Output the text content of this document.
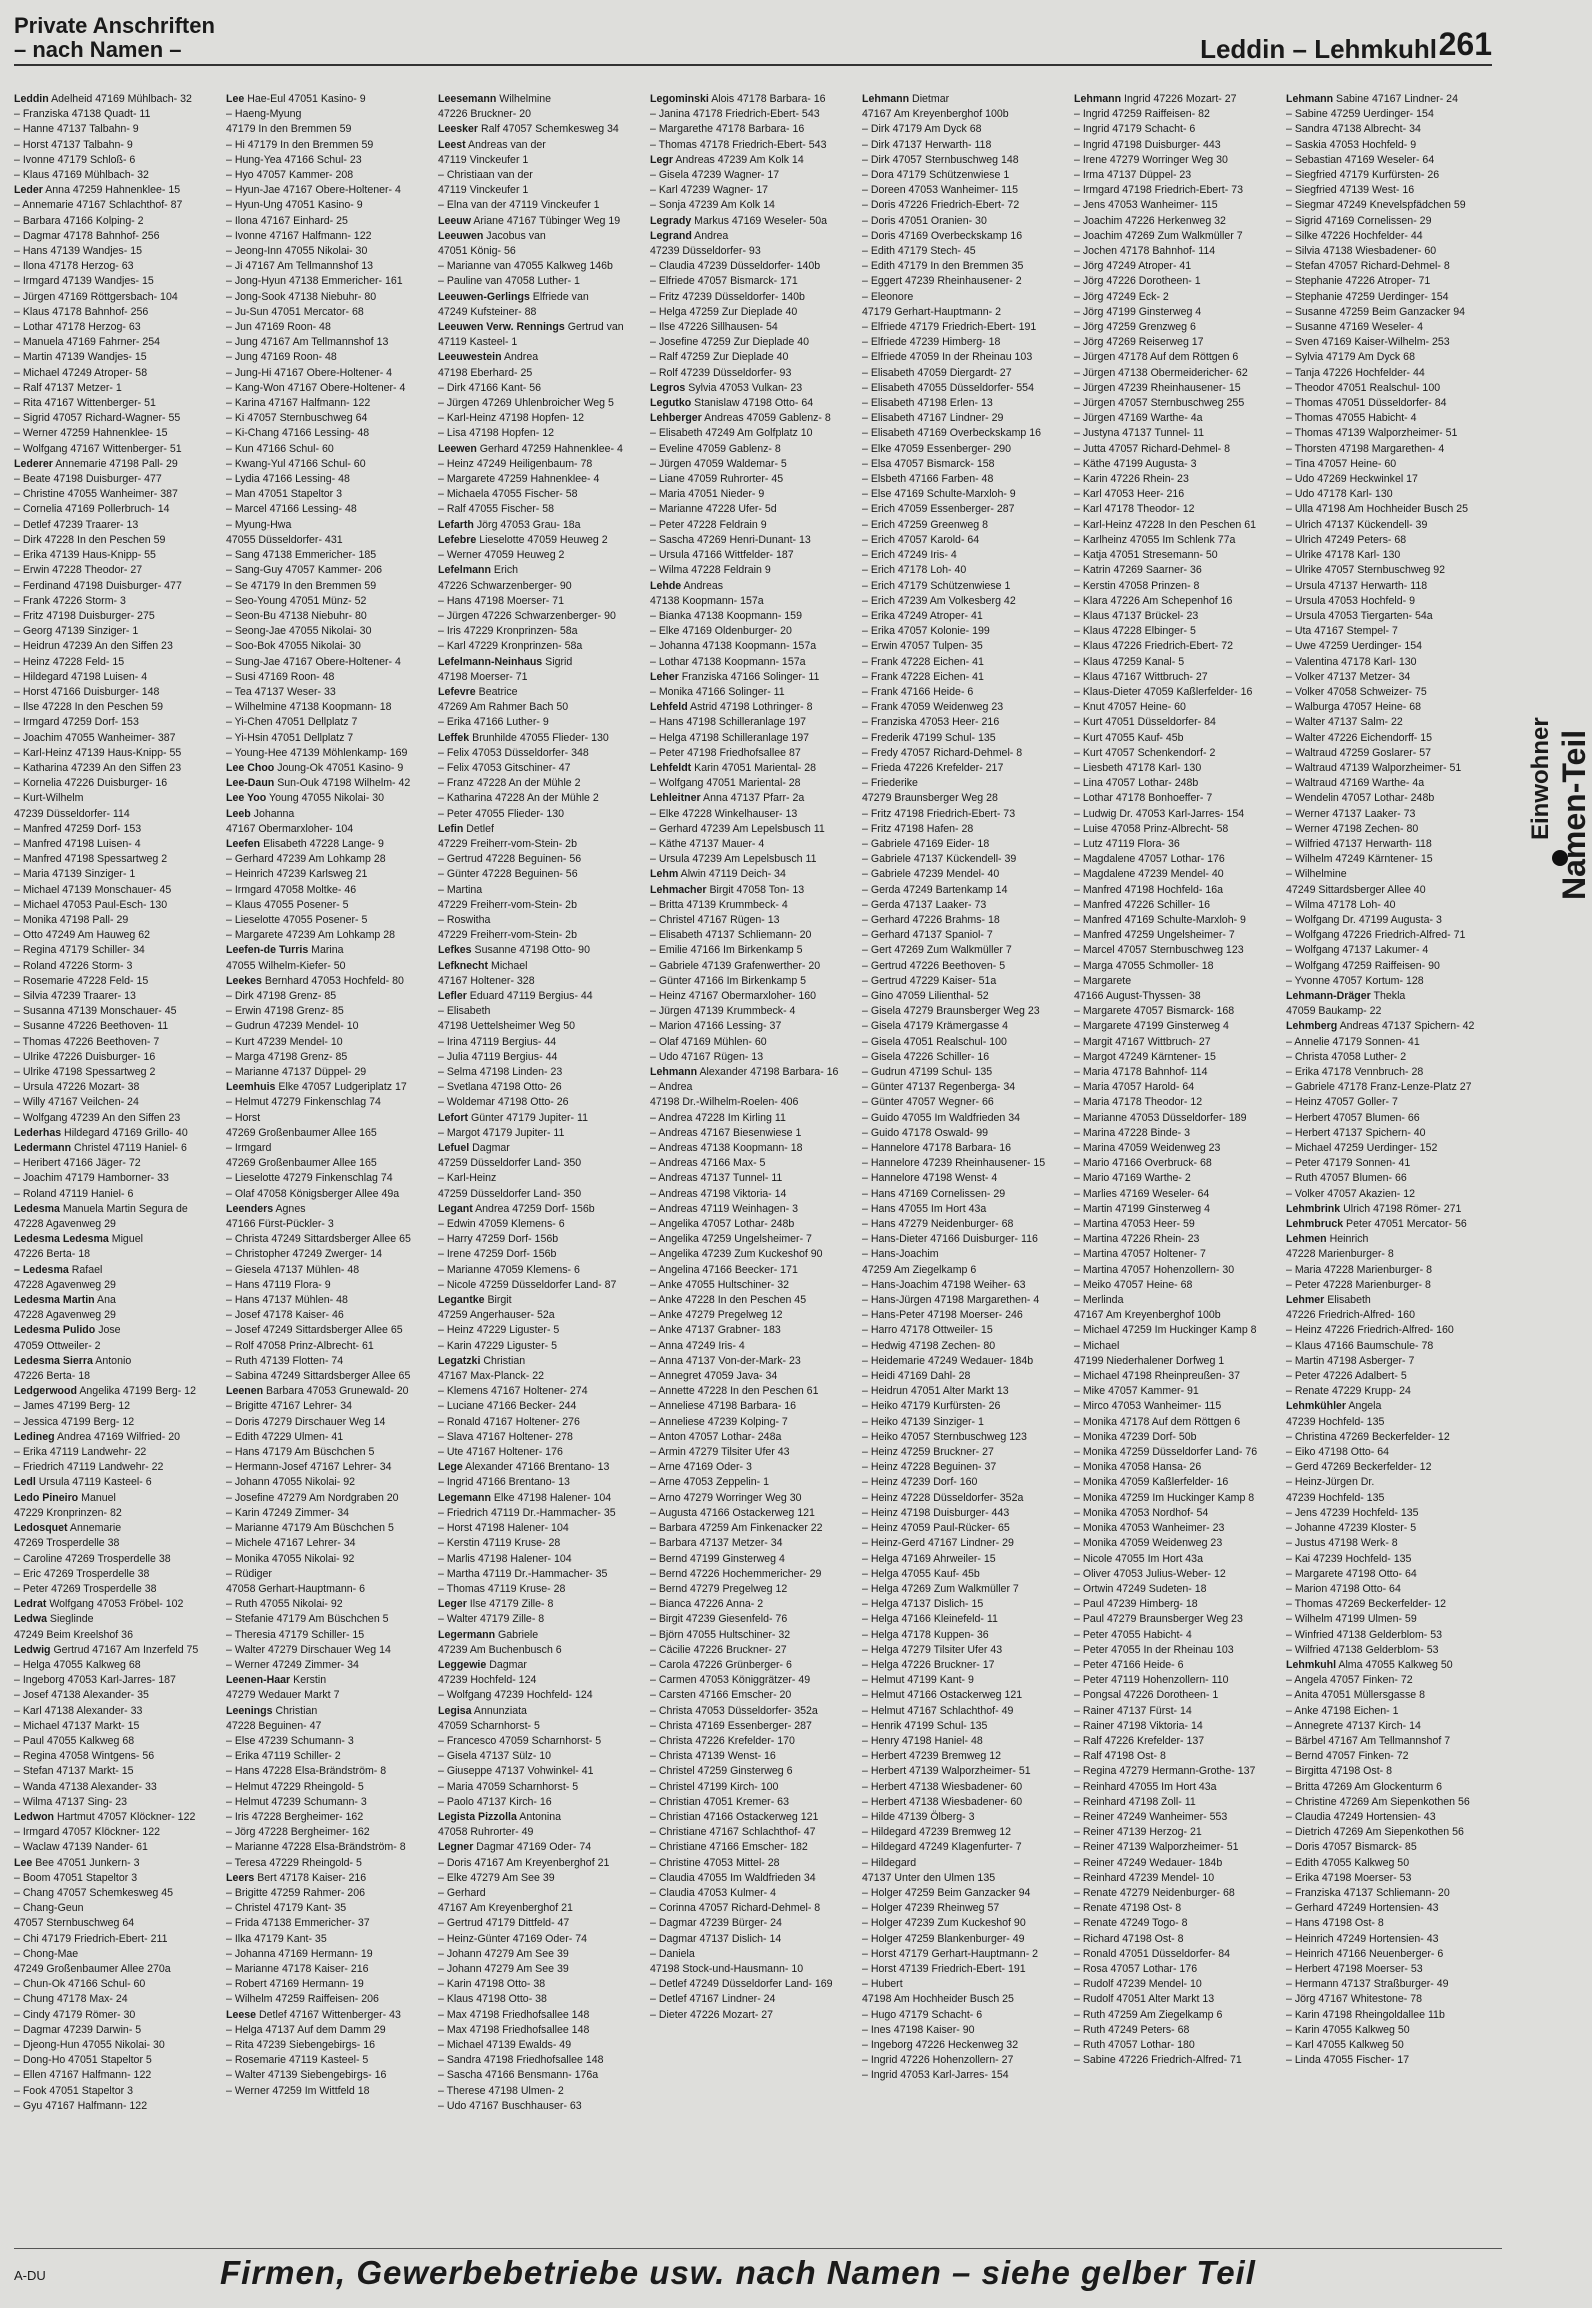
Private Anschriften
– nach Namen –	Leddin – Lehmkuhl 261
Leddin Adelheid 47169 Mühlbach- 32
– Franziska 47138 Quadt- 11
– Hanne 47137 Talbahn- 9
– Horst 47137 Talbahn- 9
– Ivonne 47179 Schloß- 6
– Klaus 47169 Mühlbach- 32
Leder Anna 47259 Hahnenklee- 15
– Annemarie 47167 Schlachthof- 87
– Barbara 47166 Kolping- 2
– Dagmar 47178 Bahnhof- 256
– Hans 47139 Wandjes- 15
– Ilona 47178 Herzog- 63
– Irmgard 47139 Wandjes- 15
– Jürgen 47169 Röttgersbach- 104
– Klaus 47178 Bahnhof- 256
– Lothar 47178 Herzog- 63
– Manuela 47169 Fahrner- 254
– Martin 47139 Wandjes- 15
– Michael 47249 Atroper- 58
– Ralf 47137 Metzer- 1
– Rita 47167 Wittenberger- 51
– Sigrid 47057 Richard-Wagner- 55
– Werner 47259 Hahnenklee- 15
– Wolfgang 47167 Wittenberger- 51
Lederer Annemarie 47198 Pall- 29
– Beate 47198 Duisburger- 477
– Christine 47055 Wanheimer- 387
– Cornelia 47169 Pollerbruch- 14
– Detlef 47239 Traarer- 13
– Dirk 47228 In den Peschen 59
– Erika 47139 Haus-Knipp- 55
– Erwin 47228 Theodor- 27
– Ferdinand 47198 Duisburger- 477
– Frank 47226 Storm- 3
– Fritz 47198 Duisburger- 275
– Georg 47139 Sinziger- 1
– Heidrun 47239 An den Siffen 23
– Heinz 47228 Feld- 15
– Hildegard 47198 Luisen- 4
– Horst 47166 Duisburger- 148
– Ilse 47228 In den Peschen 59
– Irmgard 47259 Dorf- 153
– Joachim 47055 Wanheimer- 387
– Karl-Heinz 47139 Haus-Knipp- 55
– Katharina 47239 An den Siffen 23
– Kornelia 47226 Duisburger- 16
– Kurt-Wilhelm
47239 Düsseldorfer- 114
– Manfred 47259 Dorf- 153
– Manfred 47198 Luisen- 4
– Manfred 47198 Spessartweg 2
– Maria 47139 Sinziger- 1
– Michael 47139 Monschauer- 45
– Michael 47053 Paul-Esch- 130
– Monika 47198 Pall- 29
– Otto 47249 Am Hauweg 62
– Regina 47179 Schiller- 34
– Roland 47226 Storm- 3
– Rosemarie 47228 Feld- 15
– Silvia 47239 Traarer- 13
– Susanna 47139 Monschauer- 45
– Susanne 47226 Beethoven- 11
– Thomas 47226 Beethoven- 7
– Ulrike 47226 Duisburger- 16
– Ulrike 47198 Spessartweg 2
– Ursula 47226 Mozart- 38
– Willy 47167 Veilchen- 24
– Wolfgang 47239 An den Siffen 23
Lederhas Hildegard 47169 Grillo- 40
Ledermann Christel 47119 Haniel- 6
– Heribert 47166 Jäger- 72
– Joachim 47179 Hamborner- 33
– Roland 47119 Haniel- 6
Ledesma Manuela Martin Segura de
47228 Agavenweg 29
Ledesma Ledesma Miguel
47226 Berta- 18
– Ledesma Rafael
47228 Agavenweg 29
Ledesma Martin Ana
47228 Agavenweg 29
Ledesma Pulido Jose
47059 Ottweiler- 2
Ledesma Sierra Antonio
47226 Berta- 18
Ledgerwood Angelika 47199 Berg- 12
– James 47199 Berg- 12
– Jessica 47199 Berg- 12
Ledineg Andrea 47169 Wilfried- 20
– Erika 47119 Landwehr- 22
– Friedrich 47119 Landwehr- 22
Ledl Ursula 47119 Kasteel- 6
Ledo Pineiro Manuel
47229 Kronprinzen- 82
Ledosquet Annemarie
47269 Trosperdelle 38
– Caroline 47269 Trosperdelle 38
– Eric 47269 Trosperdelle 38
– Peter 47269 Trosperdelle 38
Ledrat Wolfgang 47053 Fröbel- 102
Ledwa Sieglinde
47249 Beim Kreelshof 36
Ledwig Gertrud 47167 Am Inzerfeld 75
– Helga 47055 Kalkweg 68
– Ingeborg 47053 Karl-Jarres- 187
– Josef 47138 Alexander- 35
– Karl 47138 Alexander- 33
– Michael 47137 Markt- 15
– Paul 47055 Kalkweg 68
– Regina 47058 Wintgens- 56
– Stefan 47137 Markt- 15
– Wanda 47138 Alexander- 33
– Wilma 47137 Sing- 23
Ledwon Hartmut 47057 Klöckner- 122
– Irmgard 47057 Klöckner- 122
– Waclaw 47139 Nander- 61
Lee Bee 47051 Junkern- 3
– Boom 47051 Stapeltor 3
– Chang 47057 Schemkesweg 45
– Chang-Geun
47057 Sternbuschweg 64
– Chi 47179 Friedrich-Ebert- 211
– Chong-Mae
47249 Großenbaumer Allee 270a
– Chun-Ok 47166 Schul- 60
– Chung 47178 Max- 24
– Cindy 47179 Römer- 30
– Dagmar 47239 Darwin- 5
– Djeong-Hun 47055 Nikolai- 30
– Dong-Ho 47051 Stapeltor 5
– Ellen 47167 Halfmann- 122
– Fook 47051 Stapeltor 3
– Gyu 47167 Halfmann- 122
Lee Hae-Eul 47051 Kasino- 9
– Haeng-Myung
47179 In den Bremmen 59
– Hi 47179 In den Bremmen 59
– Hung-Yea 47166 Schul- 23
– Hyo 47057 Kammer- 208
– Hyun-Jae 47167 Obere-Holtener- 4
– Hyun-Ung 47051 Kasino- 9
– Ilona 47167 Einhard- 25
– Ivonne 47167 Halfmann- 122
– Jeong-Inn 47055 Nikolai- 30
– Ji 47167 Am Tellmannshof 13
– Jong-Hyun 47138 Emmericher- 161
– Jong-Sook 47138 Niebuhr- 80
– Ju-Sun 47051 Mercator- 68
– Jun 47169 Roon- 48
– Jung 47167 Am Tellmannshof 13
– Jung 47169 Roon- 48
– Jung-Hi 47167 Obere-Holtener- 4
– Kang-Won 47167 Obere-Holtener- 4
– Karina 47167 Halfmann- 122
– Ki 47057 Sternbuschweg 64
– Ki-Chang 47166 Lessing- 48
– Kun 47166 Schul- 60
– Kwang-Yul 47166 Schul- 60
– Lydia 47166 Lessing- 48
– Man 47051 Stapeltor 3
– Marcel 47166 Lessing- 48
– Myung-Hwa
47055 Düsseldorfer- 431
– Sang 47138 Emmericher- 185
– Sang-Guy 47057 Kammer- 206
– Se 47179 In den Bremmen 59
– Seo-Young 47051 Münz- 52
– Seon-Bu 47138 Niebuhr- 80
– Seong-Jae 47055 Nikolai- 30
– Soo-Bok 47055 Nikolai- 30
– Sung-Jae 47167 Obere-Holtener- 4
– Susi 47169 Roon- 48
– Tea 47137 Weser- 33
– Wilhelmine 47138 Koopmann- 18
– Yi-Chen 47051 Dellplatz 7
– Yi-Hsin 47051 Dellplatz 7
– Young-Hee 47139 Möhlenkamp- 169
Lee Choo Joung-Ok 47051 Kasino- 9
Lee-Daun Sun-Ouk 47198 Wilhelm- 42
Lee Yoo Young 47055 Nikolai- 30
Leeb Johanna
47167 Obermarxloher- 104
Leefen Elisabeth 47228 Lange- 9
– Gerhard 47239 Am Lohkamp 28
– Heinrich 47239 Karlsweg 21
– Irmgard 47058 Moltke- 46
– Klaus 47055 Posener- 5
– Lieselotte 47055 Posener- 5
– Margarete 47239 Am Lohkamp 28
Leefen-de Turris Marina
47055 Wilhelm-Kiefer- 50
Leekes Bernhard 47053 Hochfeld- 80
– Dirk 47198 Grenz- 85
– Erwin 47198 Grenz- 85
– Gudrun 47239 Mendel- 10
– Kurt 47239 Mendel- 10
– Marga 47198 Grenz- 85
– Marianne 47137 Düppel- 29
Leemhuis Elke 47057 Ludgeriplatz 17
– Helmut 47279 Finkenschlag 74
– Horst
47269 Großenbaumer Allee 165
– Irmgard
47269 Großenbaumer Allee 165
– Lieselotte 47279 Finkenschlag 74
– Olaf 47058 Königsberger Allee 49a
Leenders Agnes
47166 Fürst-Pückler- 3
– Christa 47249 Sittardsberger Allee 65
– Christopher 47249 Zwerger- 14
– Giesela 47137 Mühlen- 48
– Hans 47119 Flora- 9
– Hans 47137 Mühlen- 48
– Josef 47178 Kaiser- 46
– Josef 47249 Sittardsberger Allee 65
– Rolf 47058 Prinz-Albrecht- 61
– Ruth 47139 Flotten- 74
– Sabina 47249 Sittardsberger Allee 65
Leenen Barbara 47053 Grunewald- 20
– Brigitte 47167 Lehrer- 34
– Doris 47279 Dirschauer Weg 14
– Edith 47229 Ulmen- 41
– Hans 47179 Am Büschchen 5
– Hermann-Josef 47167 Lehrer- 34
– Johann 47055 Nikolai- 92
– Josefine 47279 Am Nordgraben 20
– Karin 47249 Zimmer- 34
– Marianne 47179 Am Büschchen 5
– Michele 47167 Lehrer- 34
– Monika 47055 Nikolai- 92
– Rüdiger
47058 Gerhart-Hauptmann- 6
– Ruth 47055 Nikolai- 92
– Stefanie 47179 Am Büschchen 5
– Theresia 47179 Schiller- 15
– Walter 47279 Dirschauer Weg 14
– Werner 47249 Zimmer- 34
Leenen-Haar Kerstin
47279 Wedauer Markt 7
Leenings Christian
47228 Beguinen- 47
– Else 47239 Schumann- 3
– Erika 47119 Schiller- 2
– Hans 47228 Elsa-Brändström- 8
– Helmut 47229 Rheingold- 5
– Helmut 47239 Schumann- 3
– Iris 47228 Bergheimer- 162
– Jörg 47228 Bergheimer- 162
– Marianne 47228 Elsa-Brändström- 8
– Teresa 47229 Rheingold- 5
Leers Bert 47178 Kaiser- 216
– Brigitte 47259 Rahmer- 206
– Christel 47179 Kant- 35
– Frida 47138 Emmericher- 37
– Ilka 47179 Kant- 35
– Johanna 47169 Hermann- 19
– Marianne 47178 Kaiser- 216
– Robert 47169 Hermann- 19
– Wilhelm 47259 Raiffeisen- 206
Leese Detlef 47167 Wittenberger- 43
– Helga 47137 Auf dem Damm 29
– Rita 47239 Siebengebirgs- 16
– Rosemarie 47119 Kasteel- 5
– Walter 47139 Siebengebirgs- 16
– Werner 47259 Im Wittfeld 18
Leesemann Wilhelmine
47226 Bruckner- 20
Leesker Ralf 47057 Schemkesweg 34
Leest Andreas van der
47119 Vinckeufer 1
– Christiaan van der
47119 Vinckeufer 1
– Elna van der 47119 Vinckeufer 1
Leeuw Ariane 47167 Tübinger Weg 19
Leeuwen Jacobus van
47051 König- 56
– Marianne van 47055 Kalkweg 146b
– Pauline van 47058 Luther- 1
Leeuwen-Gerlings Elfriede van
47249 Kufsteiner- 88
Leeuwen Verw. Rennings Gertrud van
47119 Kasteel- 1
Leeuwestein Andrea
47198 Eberhard- 25
– Dirk 47166 Kant- 56
– Jürgen 47269 Uhlenbroicher Weg 5
– Karl-Heinz 47198 Hopfen- 12
– Lisa 47198 Hopfen- 12
Leewen Gerhard 47259 Hahnenklee- 4
– Heinz 47249 Heiligenbaum- 78
– Margarete 47259 Hahnenklee- 4
– Michaela 47055 Fischer- 58
– Ralf 47055 Fischer- 58
Lefarth Jörg 47053 Grau- 18a
Lefebre Lieselotte 47059 Heuweg 2
– Werner 47059 Heuweg 2
Lefelmann Erich
47226 Schwarzenberger- 90
– Hans 47198 Moerser- 71
– Jürgen 47226 Schwarzenberger- 90
– Iris 47229 Kronprinzen- 58a
– Karl 47229 Kronprinzen- 58a
Lefelmann-Neinhaus Sigrid
47198 Moerser- 71
Lefevre Beatrice
47269 Am Rahmer Bach 50
– Erika 47166 Luther- 9
Leffek Brunhilde 47055 Flieder- 130
– Felix 47053 Düsseldorfer- 348
– Felix 47053 Gitschiner- 47
– Franz 47228 An der Mühle 2
– Katharina 47228 An der Mühle 2
– Peter 47055 Flieder- 130
Lefin Detlef
47229 Freiherr-vom-Stein- 2b
– Gertrud 47228 Beguinen- 56
– Günter 47228 Beguinen- 56
– Martina
47229 Freiherr-vom-Stein- 2b
– Roswitha
47229 Freiherr-vom-Stein- 2b
Lefkes Susanne 47198 Otto- 90
Lefknecht Michael
47167 Holtener- 328
Lefler Eduard 47119 Bergius- 44
– Elisabeth
47198 Uettelsheimer Weg 50
– Irina 47119 Bergius- 44
– Julia 47119 Bergius- 44
– Selma 47198 Linden- 23
– Svetlana 47198 Otto- 26
– Woldemar 47198 Otto- 26
Lefort Günter 47179 Jupiter- 11
– Margot 47179 Jupiter- 11
Lefuel Dagmar
47259 Düsseldorfer Land- 350
– Karl-Heinz
47259 Düsseldorfer Land- 350
Legant Andrea 47259 Dorf- 156b
– Edwin 47059 Klemens- 6
– Harry 47259 Dorf- 156b
– Irene 47259 Dorf- 156b
– Marianne 47059 Klemens- 6
– Nicole 47259 Düsseldorfer Land- 87
Legantke Birgit
47259 Angerhauser- 52a
– Heinz 47229 Liguster- 5
– Karin 47229 Liguster- 5
Legatzki Christian
47167 Max-Planck- 22
– Klemens 47167 Holtener- 274
– Luciane 47166 Becker- 244
– Ronald 47167 Holtener- 276
– Slava 47167 Holtener- 278
– Ute 47167 Holtener- 176
Lege Alexander 47166 Brentano- 13
– Ingrid 47166 Brentano- 13
Legemann Elke 47198 Halener- 104
– Friedrich 47119 Dr.-Hammacher- 35
– Horst 47198 Halener- 104
– Kerstin 47119 Kruse- 28
– Marlis 47198 Halener- 104
– Martha 47119 Dr.-Hammacher- 35
– Thomas 47119 Kruse- 28
Leger Ilse 47179 Zille- 8
– Walter 47179 Zille- 8
Legermann Gabriele
47239 Am Buchenbusch 6
Leggewie Dagmar
47239 Hochfeld- 124
– Wolfgang 47239 Hochfeld- 124
Legisa Annunziata
47059 Scharnhorst- 5
– Francesco 47059 Scharnhorst- 5
– Gisela 47137 Sülz- 10
– Giuseppe 47137 Vohwinkel- 41
– Maria 47059 Scharnhorst- 5
– Paolo 47137 Kirch- 16
Legista Pizzolla Antonina
47058 Ruhrorter- 49
Legner Dagmar 47169 Oder- 74
– Doris 47167 Am Kreyenberghof 21
– Elke 47279 Am See 39
– Gerhard
47167 Am Kreyenberghof 21
– Gertrud 47179 Dittfeld- 47
– Heinz-Günter 47169 Oder- 74
– Johann 47279 Am See 39
– Johann 47279 Am See 39
– Karin 47198 Otto- 38
– Klaus 47198 Otto- 38
– Max 47198 Friedhofsallee 148
– Max 47198 Friedhofsallee 148
– Michael 47139 Ewalds- 49
– Sandra 47198 Friedhofsallee 148
– Sascha 47166 Bensmann- 176a
– Therese 47198 Ulmen- 2
– Udo 47167 Buschhauser- 63
Legominski Alois 47178 Barbara- 16
– Janina 47178 Friedrich-Ebert- 543
– Margarethe 47178 Barbara- 16
– Thomas 47178 Friedrich-Ebert- 543
Legr Andreas 47239 Am Kolk 14
– Gisela 47239 Wagner- 17
– Karl 47239 Wagner- 17
– Sonja 47239 Am Kolk 14
Legrady Markus 47169 Weseler- 50a
Legrand Andrea
47239 Düsseldorfer- 93
– Claudia 47239 Düsseldorfer- 140b
– Elfriede 47057 Bismarck- 171
– Fritz 47239 Düsseldorfer- 140b
– Helga 47259 Zur Dieplade 40
– Ilse 47226 Sillhausen- 54
– Josefine 47259 Zur Dieplade 40
– Ralf 47259 Zur Dieplade 40
– Rolf 47239 Düsseldorfer- 93
Legros Sylvia 47053 Vulkan- 23
Legutko Stanislaw 47198 Otto- 64
Lehberger Andreas 47059 Gablenz- 8
– Elisabeth 47249 Am Golfplatz 10
– Eveline 47059 Gablenz- 8
– Jürgen 47059 Waldemar- 5
– Liane 47059 Ruhrorter- 45
– Maria 47051 Nieder- 9
– Marianne 47228 Ufer- 5d
– Peter 47228 Feldrain 9
– Sascha 47269 Henri-Dunant- 13
– Ursula 47166 Wittfelder- 187
– Wilma 47228 Feldrain 9
Lehde Andreas
47138 Koopmann- 157a
– Bianka 47138 Koopmann- 159
– Elke 47169 Oldenburger- 20
– Johanna 47138 Koopmann- 157a
– Lothar 47138 Koopmann- 157a
Leher Franziska 47166 Solinger- 11
– Monika 47166 Solinger- 11
Lehfeld Astrid 47198 Lothringer- 8
– Hans 47198 Schilleranlage 197
– Helga 47198 Schilleranlage 197
– Peter 47198 Friedhofsallee 87
Lehfeldt Karin 47051 Mariental- 28
– Wolfgang 47051 Mariental- 28
Lehleitner Anna 47137 Pfarr- 2a
– Elke 47228 Winkelhauser- 13
– Gerhard 47239 Am Lepelsbusch 11
– Käthe 47137 Mauer- 4
– Ursula 47239 Am Lepelsbusch 11
Lehm Alwin 47119 Deich- 34
Lehmacher Birgit 47058 Ton- 13
– Britta 47139 Krummbeck- 4
– Christel 47167 Rügen- 13
– Elisabeth 47137 Schliemann- 20
– Emilie 47166 Im Birkenkamp 5
– Gabriele 47139 Grafenwerther- 20
– Günter 47166 Im Birkenkamp 5
– Heinz 47167 Obermarxloher- 160
– Jürgen 47139 Krummbeck- 4
– Marion 47166 Lessing- 37
– Olaf 47169 Mühlen- 60
– Udo 47167 Rügen- 13
Lehmann Alexander 47198 Barbara- 16
– Andrea
47198 Dr.-Wilhelm-Roelen- 406
– Andrea 47228 Im Kirling 11
– Andreas 47167 Biesenwiese 1
– Andreas 47138 Koopmann- 18
– Andreas 47166 Max- 5
– Andreas 47137 Tunnel- 11
– Andreas 47198 Viktoria- 14
– Andreas 47119 Weinhagen- 3
– Angelika 47057 Lothar- 248b
– Angelika 47259 Ungelsheimer- 7
– Angelika 47239 Zum Kuckeshof 90
– Angelina 47166 Beecker- 171
– Anke 47055 Hultschiner- 32
– Anke 47228 In den Peschen 45
– Anke 47279 Pregelweg 12
– Anke 47137 Grabner- 183
– Anna 47249 Iris- 4
– Anna 47137 Von-der-Mark- 23
– Annegret 47059 Java- 34
– Annette 47228 In den Peschen 61
– Anneliese 47198 Barbara- 16
– Anneliese 47239 Kolping- 7
– Anton 47057 Lothar- 248a
– Armin 47279 Tilsiter Ufer 43
– Arne 47169 Oder- 3
– Arne 47053 Zeppelin- 1
– Arno 47279 Worringer Weg 30
– Augusta 47166 Ostackerweg 121
– Barbara 47259 Am Finkenacker 22
– Barbara 47137 Metzer- 34
– Bernd 47199 Ginsterweg 4
– Bernd 47226 Hochemmericher- 29
– Bernd 47279 Pregelweg 12
– Bianca 47226 Anna- 2
– Birgit 47239 Giesenfeld- 76
– Björn 47055 Hultschiner- 32
– Cäcilie 47226 Bruckner- 27
– Carola 47226 Grünberger- 6
– Carmen 47053 Königgrätzer- 49
– Carsten 47166 Emscher- 20
– Christa 47053 Düsseldorfer- 352a
– Christa 47169 Essenberger- 287
– Christa 47226 Krefelder- 170
– Christa 47139 Wenst- 16
– Christel 47259 Ginsterweg 6
– Christel 47199 Kirch- 100
– Christian 47051 Kremer- 63
– Christian 47166 Ostackerweg 121
– Christiane 47167 Schlachthof- 47
– Christiane 47166 Emscher- 182
– Christine 47053 Mittel- 28
– Claudia 47055 Im Waldfrieden 34
– Claudia 47053 Kulmer- 4
– Corinna 47057 Richard-Dehmel- 8
– Dagmar 47239 Bürger- 24
– Dagmar 47137 Dislich- 14
– Daniela
47198 Stock-und-Hausmann- 10
– Detlef 47249 Düsseldorfer Land- 169
– Detlef 47167 Lindner- 24
– Dieter 47226 Mozart- 27
Lehmann Dietmar
47167 Am Kreyenberghof 100b
– Dirk 47179 Am Dyck 68
– Dirk 47137 Herwarth- 118
– Dirk 47057 Sternbuschweg 148
– Dora 47179 Schützenwiese 1
– Doreen 47053 Wanheimer- 115
– Doris 47226 Friedrich-Ebert- 72
– Doris 47051 Oranien- 30
– Doris 47169 Overbeckskamp 16
– Edith 47179 Stech- 45
– Edith 47179 In den Bremmen 35
– Eggert 47239 Rheinhausener- 2
– Eleonore
47179 Gerhart-Hauptmann- 2
– Elfriede 47179 Friedrich-Ebert- 191
– Elfriede 47239 Himberg- 18
– Elfriede 47059 In der Rheinau 103
– Elisabeth 47059 Diergardt- 27
– Elisabeth 47055 Düsseldorfer- 554
– Elisabeth 47198 Erlen- 13
– Elisabeth 47167 Lindner- 29
– Elisabeth 47169 Overbeckskamp 16
– Elke 47059 Essenberger- 290
– Elsa 47057 Bismarck- 158
– Elsbeth 47166 Farben- 48
– Else 47169 Schulte-Marxloh- 9
– Erich 47059 Essenberger- 287
– Erich 47259 Greenweg 8
– Erich 47057 Karold- 64
– Erich 47249 Iris- 4
– Erich 47178 Loh- 40
– Erich 47179 Schützenwiese 1
– Erich 47239 Am Volkesberg 42
– Erika 47249 Atroper- 41
– Erika 47057 Kolonie- 199
– Erwin 47057 Tulpen- 35
– Frank 47228 Eichen- 41
– Frank 47228 Eichen- 41
– Frank 47166 Heide- 6
– Frank 47059 Weidenweg 23
– Franziska 47053 Heer- 216
– Frederik 47199 Schul- 135
– Fredy 47057 Richard-Dehmel- 8
– Frieda 47226 Krefelder- 217
– Friederike
47279 Braunsberger Weg 28
– Fritz 47198 Friedrich-Ebert- 73
– Fritz 47198 Hafen- 28
– Gabriele 47169 Eider- 18
– Gabriele 47137 Kückendell- 39
– Gabriele 47239 Mendel- 40
– Gerda 47249 Bartenkamp 14
– Gerda 47137 Laaker- 73
– Gerhard 47226 Brahms- 18
– Gerhard 47137 Spaniol- 7
– Gert 47269 Zum Walkmüller 7
– Gertrud 47226 Beethoven- 5
– Gertrud 47229 Kaiser- 51a
– Gino 47059 Lilienthal- 52
– Gisela 47279 Braunsberger Weg 23
– Gisela 47179 Krämergasse 4
– Gisela 47051 Realschul- 100
– Gisela 47226 Schiller- 16
– Gudrun 47199 Schul- 135
– Günter 47137 Regenberga- 34
– Günter 47057 Wegner- 66
– Guido 47055 Im Waldfrieden 34
– Guido 47178 Oswald- 99
– Hannelore 47178 Barbara- 16
– Hannelore 47239 Rheinhausener- 15
– Hannelore 47198 Wenst- 4
– Hans 47169 Cornelissen- 29
– Hans 47055 Im Hort 43a
– Hans 47279 Neidenburger- 68
– Hans-Dieter 47166 Duisburger- 116
– Hans-Joachim
47259 Am Ziegelkamp 6
– Hans-Joachim 47198 Weiher- 63
– Hans-Jürgen 47198 Margarethen- 4
– Hans-Peter 47198 Moerser- 246
– Harro 47178 Ottweiler- 15
– Hedwig 47198 Zechen- 80
– Heidemarie 47249 Wedauer- 184b
– Heidi 47169 Dahl- 28
– Heidrun 47051 Alter Markt 13
– Heiko 47179 Kurfürsten- 26
– Heiko 47139 Sinziger- 1
– Heiko 47057 Sternbuschweg 123
– Heinz 47259 Bruckner- 27
– Heinz 47228 Beguinen- 37
– Heinz 47239 Dorf- 160
– Heinz 47228 Düsseldorfer- 352a
– Heinz 47198 Duisburger- 443
– Heinz 47059 Paul-Rücker- 65
– Heinz-Gerd 47167 Lindner- 29
– Helga 47169 Ahrweiler- 15
– Helga 47055 Kauf- 45b
– Helga 47269 Zum Walkmüller 7
– Helga 47137 Dislich- 15
– Helga 47166 Kleinefeld- 11
– Helga 47178 Kuppen- 36
– Helga 47279 Tilsiter Ufer 43
– Helga 47226 Bruckner- 17
– Helmut 47199 Kant- 9
– Helmut 47166 Ostackerweg 121
– Helmut 47167 Schlachthof- 49
– Henrik 47199 Schul- 135
– Henry 47198 Haniel- 48
– Herbert 47239 Bremweg 12
– Herbert 47139 Walporzheimer- 51
– Herbert 47138 Wiesbadener- 60
– Herbert 47138 Wiesbadener- 60
– Hilde 47139 Ölberg- 3
– Hildegard 47239 Bremweg 12
– Hildegard 47249 Klagenfurter- 7
– Hildegard
47137 Unter den Ulmen 135
– Holger 47259 Beim Ganzacker 94
– Holger 47239 Rheinweg 57
– Holger 47239 Zum Kuckeshof 90
– Holger 47259 Blankenburger- 49
– Horst 47179 Gerhart-Hauptmann- 2
– Horst 47139 Friedrich-Ebert- 191
– Hubert
47198 Am Hochheider Busch 25
– Hugo 47179 Schacht- 6
– Ines 47198 Kaiser- 90
– Ingeborg 47226 Heckenweg 32
– Ingrid 47226 Hohenzollern- 27
– Ingrid 47053 Karl-Jarres- 154
Lehmann Ingrid 47226 Mozart- 27
– Ingrid 47259 Raiffeisen- 82
– Ingrid 47179 Schacht- 6
– Ingrid 47198 Duisburger- 443
– Irene 47279 Worringer Weg 30
– Irma 47137 Düppel- 23
– Irmgard 47198 Friedrich-Ebert- 73
– Jens 47053 Wanheimer- 115
– Joachim 47226 Herkenweg 32
– Joachim 47269 Zum Walkmüller 7
– Jochen 47178 Bahnhof- 114
– Jörg 47249 Atroper- 41
– Jörg 47226 Dorotheen- 1
– Jörg 47249 Eck- 2
– Jörg 47199 Ginsterweg 4
– Jörg 47259 Grenzweg 6
– Jörg 47269 Reiserweg 17
– Jürgen 47178 Auf dem Röttgen 6
– Jürgen 47138 Obermeidericher- 62
– Jürgen 47239 Rheinhausener- 15
– Jürgen 47057 Sternbuschweg 255
– Jürgen 47169 Warthe- 4a
– Justyna 47137 Tunnel- 11
– Jutta 47057 Richard-Dehmel- 8
– Käthe 47199 Augusta- 3
– Karin 47226 Rhein- 23
– Karl 47053 Heer- 216
– Karl 47178 Theodor- 12
– Karl-Heinz 47228 In den Peschen 61
– Karlheinz 47055 Im Schlenk 77a
– Katja 47051 Stresemann- 50
– Katrin 47269 Saarner- 36
– Kerstin 47058 Prinzen- 8
– Klara 47226 Am Schepenhof 16
– Klaus 47137 Brückel- 23
– Klaus 47228 Elbinger- 5
– Klaus 47226 Friedrich-Ebert- 72
– Klaus 47259 Kanal- 5
– Klaus 47167 Wittbruch- 27
– Klaus-Dieter 47059 Kaßlerfelder- 16
– Knut 47057 Heine- 60
– Kurt 47051 Düsseldorfer- 84
– Kurt 47055 Kauf- 45b
– Kurt 47057 Schenkendorf- 2
– Liesbeth 47178 Karl- 130
– Lina 47057 Lothar- 248b
– Lothar 47178 Bonhoeffer- 7
– Ludwig Dr. 47053 Karl-Jarres- 154
– Luise 47058 Prinz-Albrecht- 58
– Lutz 47119 Flora- 36
– Magdalene 47057 Lothar- 176
– Magdalene 47239 Mendel- 40
– Manfred 47198 Hochfeld- 16a
– Manfred 47226 Schiller- 16
– Manfred 47169 Schulte-Marxloh- 9
– Manfred 47259 Ungelsheimer- 7
– Marcel 47057 Sternbuschweg 123
– Marga 47055 Schmoller- 18
– Margarete
47166 August-Thyssen- 38
– Margarete 47057 Bismarck- 168
– Margarete 47199 Ginsterweg 4
– Margit 47167 Wittbruch- 27
– Margot 47249 Kärntener- 15
– Maria 47178 Bahnhof- 114
– Maria 47057 Harold- 64
– Maria 47178 Theodor- 12
– Marianne 47053 Düsseldorfer- 189
– Marina 47228 Binde- 3
– Marina 47059 Weidenweg 23
– Mario 47166 Overbruck- 68
– Mario 47169 Warthe- 2
– Marlies 47169 Weseler- 64
– Martin 47199 Ginsterweg 4
– Martina 47053 Heer- 59
– Martina 47226 Rhein- 23
– Martina 47057 Holtener- 7
– Martina 47057 Hohenzollern- 30
– Meiko 47057 Heine- 68
– Merlinda
47167 Am Kreyenberghof 100b
– Michael 47259 Im Huckinger Kamp 8
– Michael
47199 Niederhalener Dorfweg 1
– Michael 47198 Rheinpreußen- 37
– Mike 47057 Kammer- 91
– Mirco 47053 Wanheimer- 115
– Monika 47178 Auf dem Röttgen 6
– Monika 47239 Dorf- 50b
– Monika 47259 Düsseldorfer Land- 76
– Monika 47058 Hansa- 26
– Monika 47059 Kaßlerfelder- 16
– Monika 47259 Im Huckinger Kamp 8
– Monika 47053 Nordhof- 54
– Monika 47053 Wanheimer- 23
– Monika 47059 Weidenweg 23
– Nicole 47055 Im Hort 43a
– Oliver 47053 Julius-Weber- 12
– Ortwin 47249 Sudeten- 18
– Paul 47239 Himberg- 18
– Paul 47279 Braunsberger Weg 23
– Peter 47055 Habicht- 4
– Peter 47055 In der Rheinau 103
– Peter 47166 Heide- 6
– Peter 47119 Hohenzollern- 110
– Pongsal 47226 Dorotheen- 1
– Rainer 47137 Fürst- 14
– Rainer 47198 Viktoria- 14
– Ralf 47226 Krefelder- 137
– Ralf 47198 Ost- 8
– Regina 47279 Hermann-Grothe- 137
– Reinhard 47055 Im Hort 43a
– Reinhard 47198 Zoll- 11
– Reiner 47249 Wanheimer- 553
– Reiner 47139 Herzog- 21
– Reiner 47139 Walporzheimer- 51
– Reiner 47249 Wedauer- 184b
– Reinhard 47239 Mendel- 10
– Renate 47279 Neidenburger- 68
– Renate 47198 Ost- 8
– Renate 47249 Togo- 8
– Richard 47198 Ost- 8
– Ronald 47051 Düsseldorfer- 84
– Rosa 47057 Lothar- 176
– Rudolf 47239 Mendel- 10
– Rudolf 47051 Alter Markt 13
– Ruth 47259 Am Ziegelkamp 6
– Ruth 47249 Peters- 68
– Ruth 47057 Lothar- 180
– Sabine 47226 Friedrich-Alfred- 71
Lehmann Sabine 47167 Lindner- 24
– Sabine 47259 Uerdinger- 154
– Sandra 47138 Albrecht- 34
– Saskia 47053 Hochfeld- 9
– Sebastian 47169 Weseler- 64
– Siegfried 47179 Kurfürsten- 26
– Siegfried 47139 West- 16
– Siegmar 47249 Knevelspfädchen 59
– Sigrid 47169 Cornelissen- 29
– Silke 47226 Hochfelder- 44
– Silvia 47138 Wiesbadener- 60
– Stefan 47057 Richard-Dehmel- 8
– Stephanie 47226 Atroper- 71
– Stephanie 47259 Uerdinger- 154
– Susanne 47259 Beim Ganzacker 94
– Susanne 47169 Weseler- 4
– Sven 47169 Kaiser-Wilhelm- 253
– Sylvia 47179 Am Dyck 68
– Tanja 47226 Hochfelder- 44
– Theodor 47051 Realschul- 100
– Thomas 47051 Düsseldorfer- 84
– Thomas 47055 Habicht- 4
– Thomas 47139 Walporzheimer- 51
– Thorsten 47198 Margarethen- 4
– Tina 47057 Heine- 60
– Udo 47269 Heckwinkel 17
– Udo 47178 Karl- 130
– Ulla 47198 Am Hochheider Busch 25
– Ulrich 47137 Kückendell- 39
– Ulrich 47249 Peters- 68
– Ulrike 47178 Karl- 130
– Ulrike 47057 Sternbuschweg 92
– Ursula 47137 Herwarth- 118
– Ursula 47053 Hochfeld- 9
– Ursula 47053 Tiergarten- 54a
– Uta 47167 Stempel- 7
– Uwe 47259 Uerdinger- 154
– Valentina 47178 Karl- 130
– Volker 47137 Metzer- 34
– Volker 47058 Schweizer- 75
– Walburga 47057 Heine- 68
– Walter 47137 Salm- 22
– Walter 47226 Eichendorff- 15
– Waltraud 47259 Goslarer- 57
– Waltraud 47139 Walporzheimer- 51
– Waltraud 47169 Warthe- 4a
– Wendelin 47057 Lothar- 248b
– Werner 47137 Laaker- 73
– Werner 47198 Zechen- 80
– Wilfried 47137 Herwarth- 118
– Wilhelm 47249 Kärntener- 15
– Wilhelmine
47249 Sittardsberger Allee 40
– Wilma 47178 Loh- 40
– Wolfgang Dr. 47199 Augusta- 3
– Wolfgang 47226 Friedrich-Alfred- 71
– Wolfgang 47137 Lakumer- 4
– Wolfgang 47259 Raiffeisen- 90
– Yvonne 47057 Kortum- 128
Lehmann-Dräger Thekla
47059 Baukamp- 22
Lehmberg Andreas 47137 Spichern- 42
– Annelie 47179 Sonnen- 41
– Christa 47058 Luther- 2
– Erika 47178 Vennbruch- 28
– Gabriele 47178 Franz-Lenze-Platz 27
– Heinz 47057 Goller- 7
– Herbert 47057 Blumen- 66
– Herbert 47137 Spichern- 40
– Michael 47259 Uerdinger- 152
– Peter 47179 Sonnen- 41
– Ruth 47057 Blumen- 66
– Volker 47057 Akazien- 12
Lehmbrink Ulrich 47198 Römer- 271
Lehmbruck Peter 47051 Mercator- 56
Lehmen Heinrich
47228 Marienburger- 8
– Maria 47228 Marienburger- 8
– Peter 47228 Marienburger- 8
Lehmer Elisabeth
47226 Friedrich-Alfred- 160
– Heinz 47226 Friedrich-Alfred- 160
– Klaus 47166 Baumschule- 78
– Martin 47198 Asberger- 7
– Peter 47226 Adalbert- 5
– Renate 47229 Krupp- 24
Lehmkühler Angela
47239 Hochfeld- 135
– Christina 47269 Beckerfelder- 12
– Eiko 47198 Otto- 64
– Gerd 47269 Beckerfelder- 12
– Heinz-Jürgen Dr.
47239 Hochfeld- 135
– Jens 47239 Hochfeld- 135
– Johanne 47239 Kloster- 5
– Justus 47198 Werk- 8
– Kai 47239 Hochfeld- 135
– Margarete 47198 Otto- 64
– Marion 47198 Otto- 64
– Thomas 47269 Beckerfelder- 12
– Wilhelm 47199 Ulmen- 59
– Winfried 47138 Gelderblom- 53
– Wilfried 47138 Gelderblom- 53
Lehmkuhl Alma 47055 Kalkweg 50
– Angela 47057 Finken- 72
– Anita 47051 Müllersgasse 8
– Anke 47198 Eichen- 1
– Annegrete 47137 Kirch- 14
– Bärbel 47167 Am Tellmannshof 7
– Bernd 47057 Finken- 72
– Birgitta 47198 Ost- 8
– Britta 47269 Am Glockenturm 6
– Christine 47269 Am Siepenkothen 56
– Claudia 47249 Hortensien- 43
– Dietrich 47269 Am Siepenkothen 56
– Doris 47057 Bismarck- 85
– Edith 47055 Kalkweg 50
– Erika 47198 Moerser- 53
– Franziska 47137 Schliemann- 20
– Gerhard 47249 Hortensien- 43
– Hans 47198 Ost- 8
– Heinrich 47249 Hortensien- 43
– Heinrich 47166 Neuenberger- 6
– Herbert 47198 Moerser- 53
– Hermann 47137 Straßburger- 49
– Jörg 47167 Whitestone- 78
– Karin 47198 Rheingoldallee 11b
– Karin 47055 Kalkweg 50
– Karl 47055 Kalkweg 50
– Linda 47055 Fischer- 17
Einwohner Namen-Teil
A-DU	Firmen, Gewerbebetriebe usw. nach Namen – siehe gelber Teil
